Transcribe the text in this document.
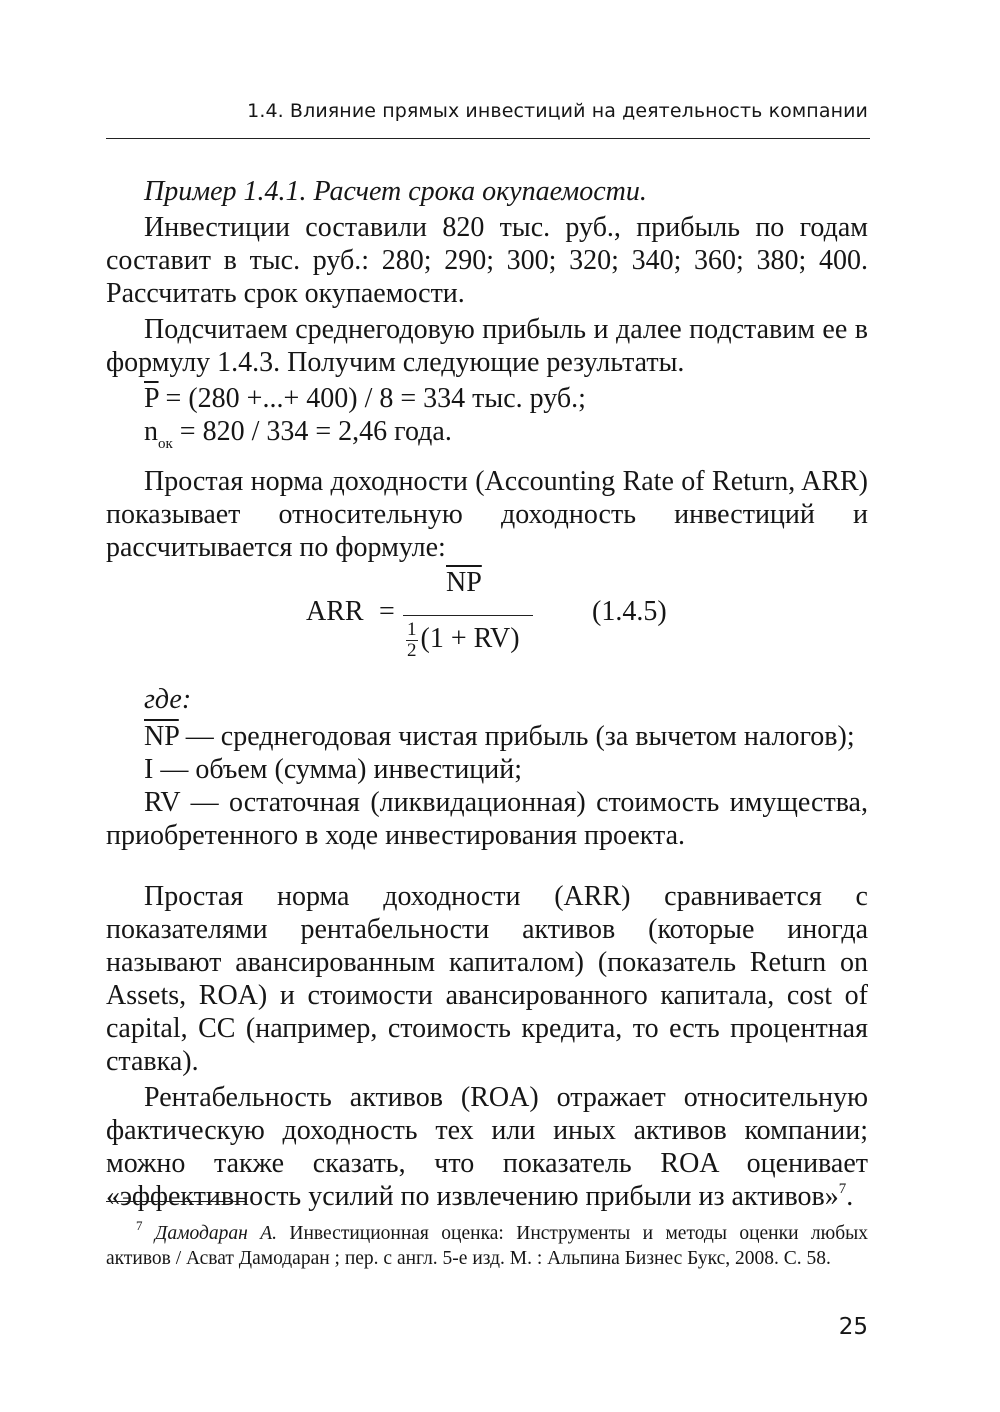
1.4. Влияние прямых инвестиций на деятельность компании

Пример 1.4.1. Расчет срока окупаемости.

Инвестиции составили 820 тыс. руб., прибыль по годам составит в тыс. руб.: 280; 290; 300; 320; 340; 360; 380; 400. Рассчитать срок окупаемости.

Подсчитаем среднегодовую прибыль и далее подставим ее в формулу 1.4.3. Получим следующие результаты.

$\overline{P} = (280$ +...+ 400) / 8 = 334 тыс. руб.;
$n_{ок} = 820 / 334 = 2,46$ года.

Простая норма доходности (Accounting Rate of Return, ARR) показывает относительную доходность инвестиций и рассчитывается по формуле:

ARR =
$\overline{NP}$
$\frac{1}{2} (1 + RV)$
(1.4.5)
где:
$\overline{NP}$ — среднегодовая чистая прибыль (за вычетом налогов);
I — объем (сумма) инвестиций;

RV — остаточная (ликвидационная) стоимость имущества, приобретенного в ходе инвестирования проекта.

Простая норма доходности (ARR) сравнивается с показателями рентабельности активов (которые иногда называют авансированным капиталом) (показатель Return on Assets, ROA) и стоимости авансированного капитала, cost of capital, CC (например, стоимость кредита, то есть процентная ставка).

Рентабельность активов (ROA) отражает относительную фактическую доходность тех или иных активов компании; можно также сказать, что показатель ROA оценивает «эффективность усилий по извлечению прибыли из активов»$^7$.

$^7$ Дамодаран А. Инвестиционная оценка: Инструменты и методы оценки любых активов / Асват Дамодаран ; пер. с англ. 5-е изд. М. : Альпина Бизнес Букс, 2008. С. 58.
25
